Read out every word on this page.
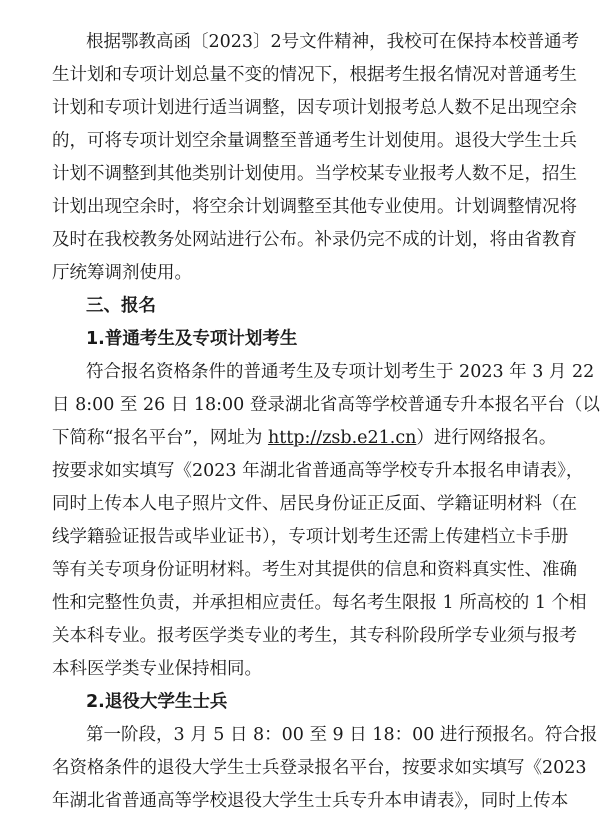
根据鄂教高函〔2023〕2号文件精神，我校可在保持本校普通考
生计划和专项计划总量不变的情况下，根据考生报名情况对普通考生
计划和专项计划进行适当调整，因专项计划报考总人数不足出现空余
的，可将专项计划空余量调整至普通考生计划使用。退役大学生士兵
计划不调整到其他类别计划使用。当学校某专业报考人数不足，招生
计划出现空余时，将空余计划调整至其他专业使用。计划调整情况将
及时在我校教务处网站进行公布。补录仍完不成的计划，将由省教育
厅统筹调剂使用。
三、报名
1.普通考生及专项计划考生
符合报名资格条件的普通考生及专项计划考生于 2023 年 3 月 22
日 8:00 至 26 日 18:00 登录湖北省高等学校普通专升本报名平台（以
下简称“报名平台”，网址为 http://zsb.e21.cn）进行网络报名。
按要求如实填写《2023 年湖北省普通高等学校专升本报名申请表》，
同时上传本人电子照片文件、居民身份证正反面、学籍证明材料（在
线学籍验证报告或毕业证书），专项计划考生还需上传建档立卡手册
等有关专项身份证明材料。考生对其提供的信息和资料真实性、准确
性和完整性负责，并承担相应责任。每名考生限报 1 所高校的 1 个相
关本科专业。报考医学类专业的考生，其专科阶段所学专业须与报考
本科医学类专业保持相同。
2.退役大学生士兵
第一阶段，3 月 5 日 8：00 至 9 日 18：00 进行预报名。符合报
名资格条件的退役大学生士兵登录报名平台，按要求如实填写《2023
年湖北省普通高等学校退役大学生士兵专升本申请表》，同时上传本
